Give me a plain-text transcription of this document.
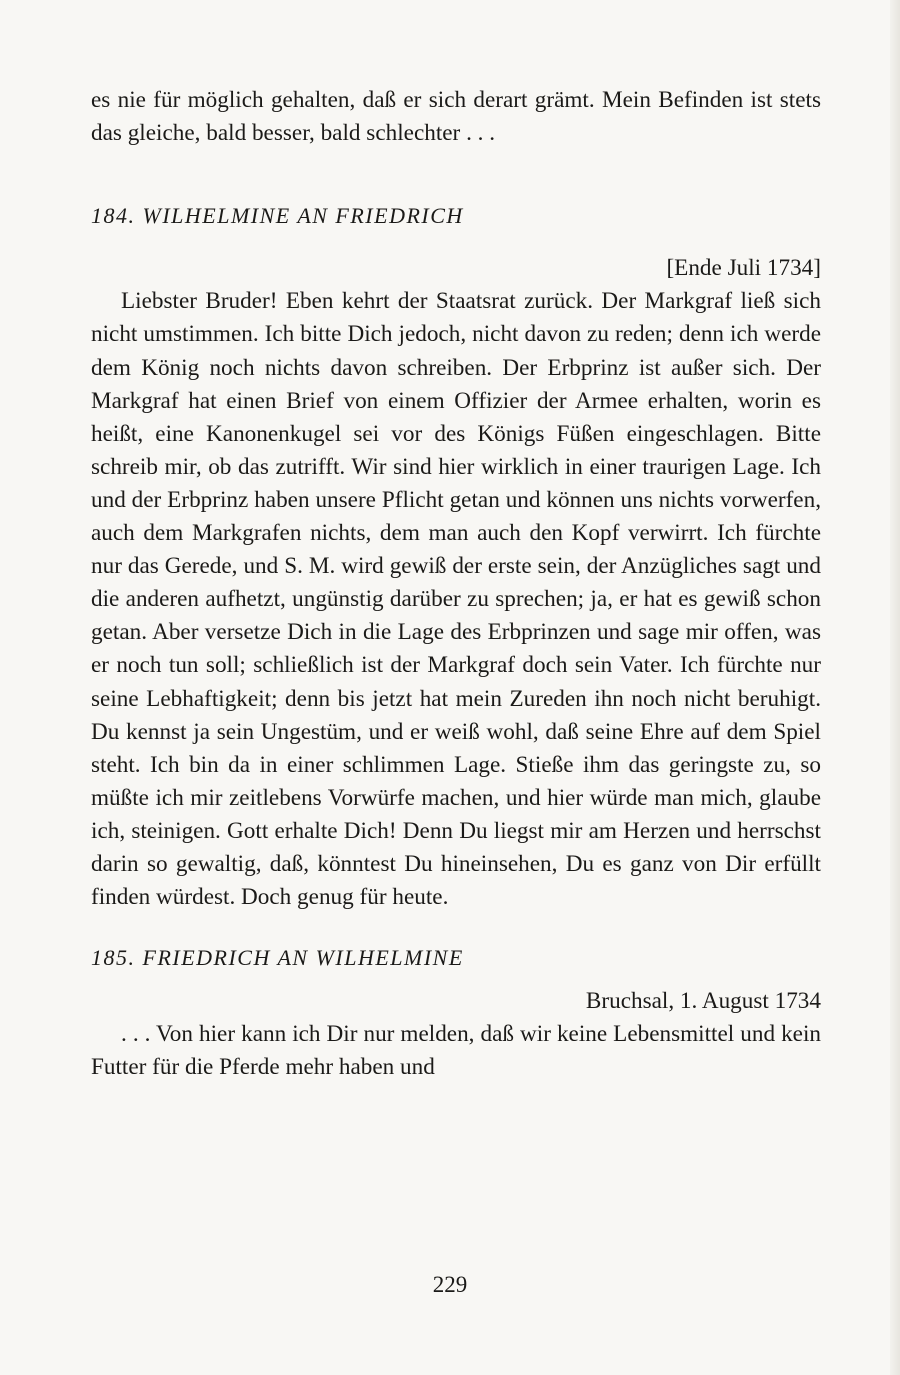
es nie für möglich gehalten, daß er sich derart grämt. Mein Befinden ist stets das gleiche, bald besser, bald schlechter . . .

184. WILHELMINE AN FRIEDRICH

[Ende Juli 1734]

Liebster Bruder! Eben kehrt der Staatsrat zurück. Der Markgraf ließ sich nicht umstimmen. Ich bitte Dich jedoch, nicht davon zu reden; denn ich werde dem König noch nichts davon schreiben. Der Erbprinz ist außer sich. Der Markgraf hat einen Brief von einem Offizier der Armee erhalten, worin es heißt, eine Kanonenkugel sei vor des Königs Füßen eingeschlagen. Bitte schreib mir, ob das zutrifft. Wir sind hier wirklich in einer traurigen Lage. Ich und der Erbprinz haben unsere Pflicht getan und können uns nichts vorwerfen, auch dem Markgrafen nichts, dem man auch den Kopf verwirrt. Ich fürchte nur das Gerede, und S. M. wird gewiß der erste sein, der Anzügliches sagt und die anderen aufhetzt, ungünstig darüber zu sprechen; ja, er hat es gewiß schon getan. Aber versetze Dich in die Lage des Erbprinzen und sage mir offen, was er noch tun soll; schließlich ist der Markgraf doch sein Vater. Ich fürchte nur seine Lebhaftigkeit; denn bis jetzt hat mein Zureden ihn noch nicht beruhigt. Du kennst ja sein Ungestüm, und er weiß wohl, daß seine Ehre auf dem Spiel steht. Ich bin da in einer schlimmen Lage. Stieße ihm das geringste zu, so müßte ich mir zeitlebens Vorwürfe machen, und hier würde man mich, glaube ich, steinigen. Gott erhalte Dich! Denn Du liegst mir am Herzen und herrschst darin so gewaltig, daß, könntest Du hineinsehen, Du es ganz von Dir erfüllt finden würdest. Doch genug für heute.

185. FRIEDRICH AN WILHELMINE

Bruchsal, 1. August 1734

. . . Von hier kann ich Dir nur melden, daß wir keine Lebensmittel und kein Futter für die Pferde mehr haben und

229
